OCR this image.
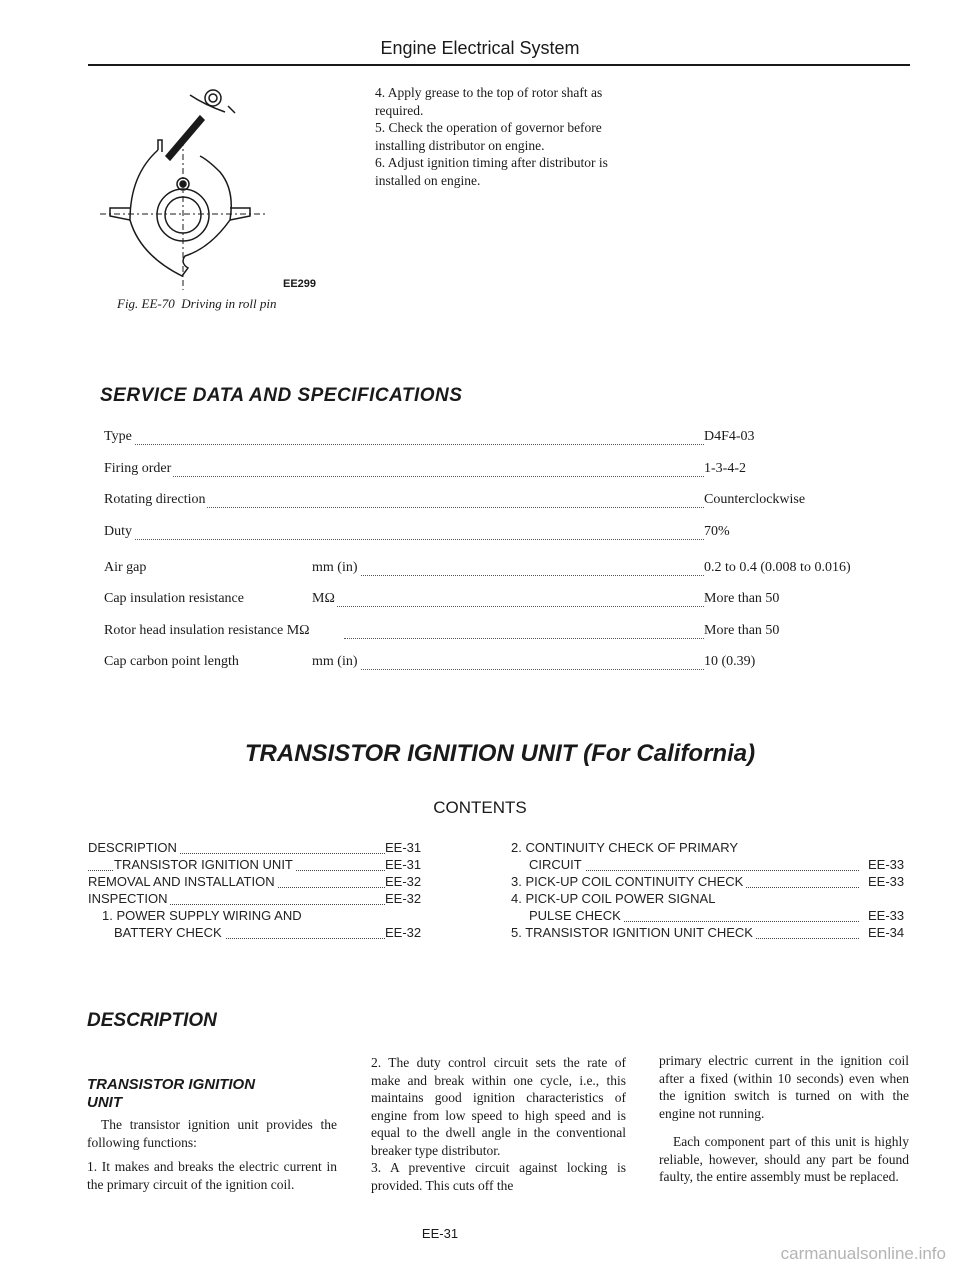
Engine Electrical System
EE299
Fig. EE-70 Driving in roll pin

4. Apply grease to the top of rotor shaft as required.

5. Check the operation of governor before installing distributor on engine.

6. Adjust ignition timing after distributor is installed on engine.

SERVICE DATA AND SPECIFICATIONS
Type	D4F4-03
Firing order	1-3-4-2
Rotating direction	Counterclockwise
Duty	70%
Air gap	mm (in)	0.2 to 0.4 (0.008 to 0.016)
Cap insulation resistance	MΩ	More than 50
Rotor head insulation resistance MΩ	More than 50
Cap carbon point length	mm (in)	10 (0.39)
TRANSISTOR IGNITION UNIT (For California)
CONTENTS
DESCRIPTION	EE-31
TRANSISTOR IGNITION UNIT	EE-31
REMOVAL AND INSTALLATION	EE-32
INSPECTION	EE-32
1. POWER SUPPLY WIRING AND
BATTERY CHECK	EE-32
2. CONTINUITY CHECK OF PRIMARY
CIRCUIT	EE-33
3. PICK-UP COIL CONTINUITY CHECK	EE-33
4. PICK-UP COIL POWER SIGNAL
PULSE CHECK	EE-33
5. TRANSISTOR IGNITION UNIT CHECK	EE-34
DESCRIPTION
TRANSISTOR IGNITION UNIT

The transistor ignition unit provides the following functions:

1. It makes and breaks the electric current in the primary circuit of the ignition coil.

2. The duty control circuit sets the rate of make and break within one cycle, i.e., this maintains good ignition characteristics of engine from low speed to high speed and is equal to the dwell angle in the conventional breaker type distributor.

3. A preventive circuit against locking is provided. This cuts off the

primary electric current in the ignition coil after a fixed (within 10 seconds) even when the ignition switch is turned on with the engine not running.

Each component part of this unit is highly reliable, however, should any part be found faulty, the entire assembly must be replaced.

EE-31
carmanualsonline.info
